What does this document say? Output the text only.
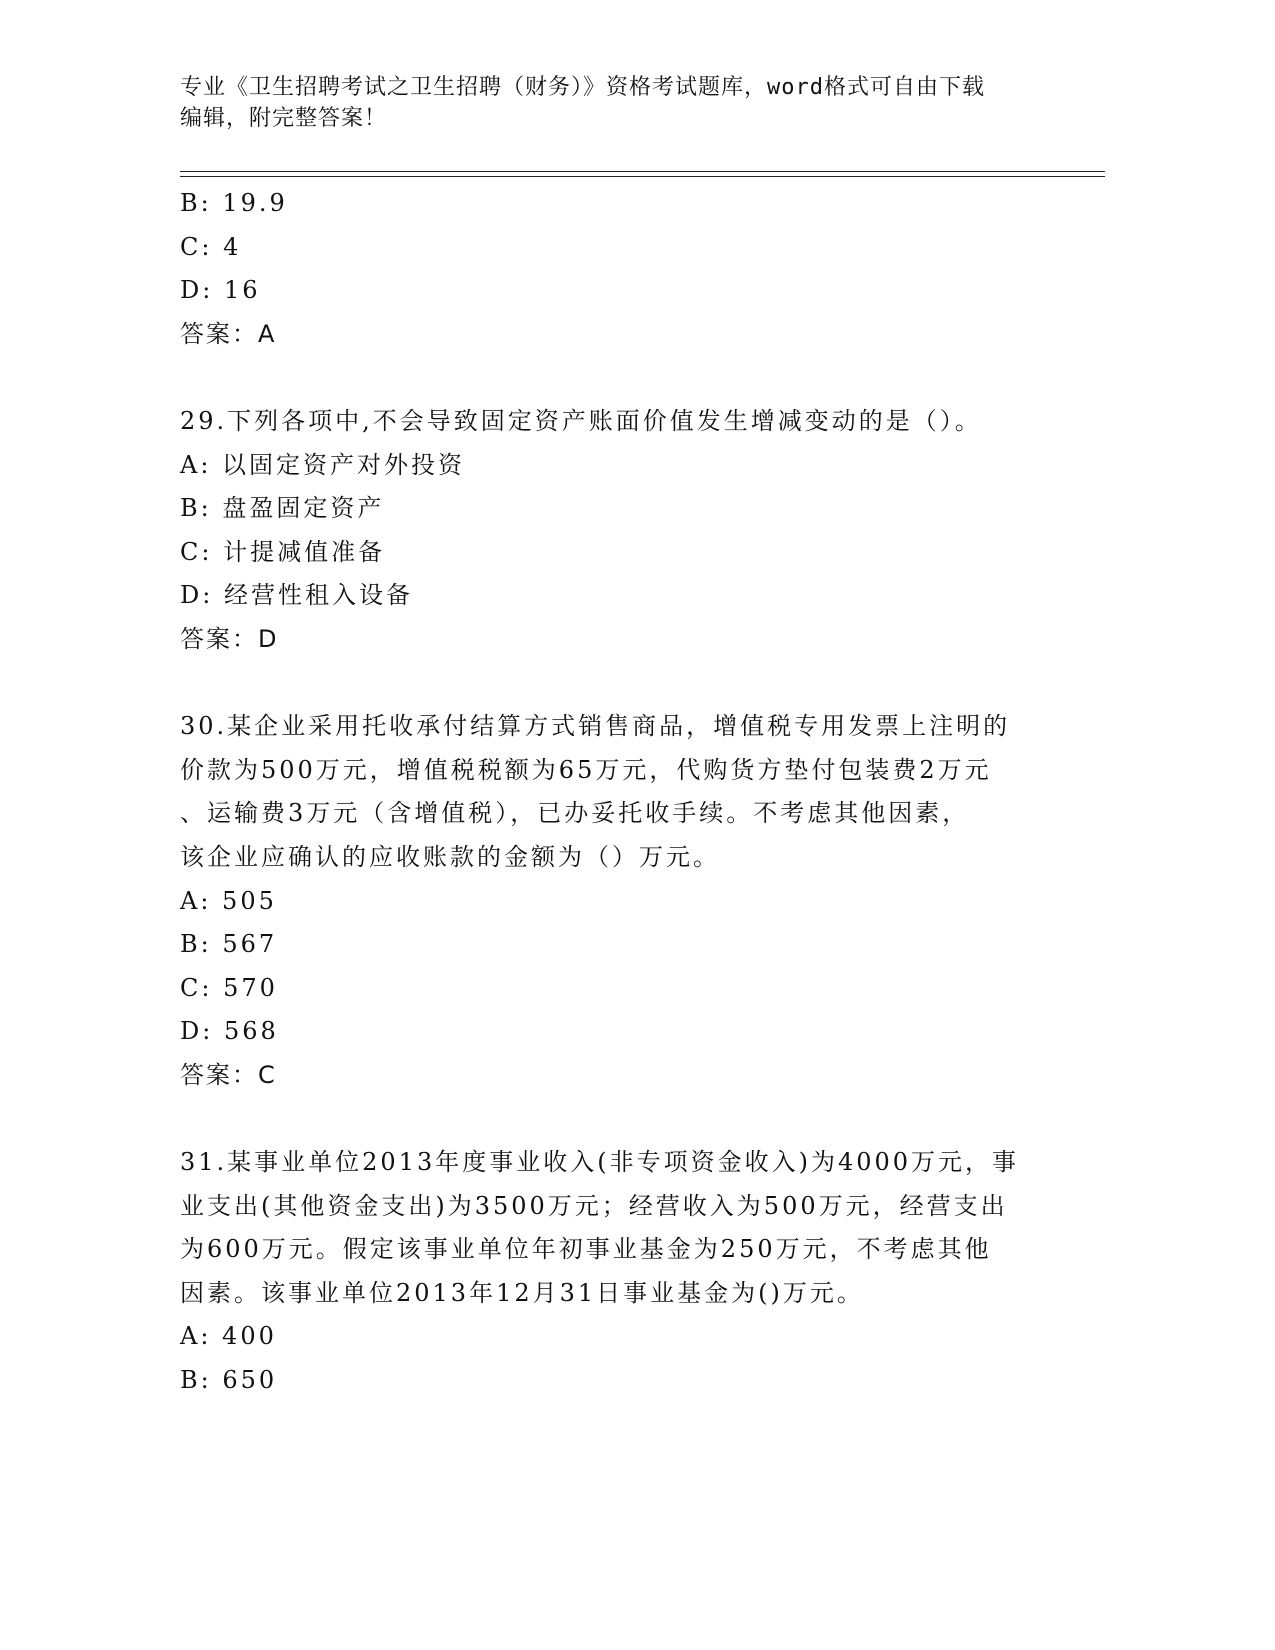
专业《卫生招聘考试之卫生招聘（财务）》资格考试题库，word格式可自由下载
编辑，附完整答案！
B: 19.9
C: 4
D: 16
答案：A
29.下列各项中,不会导致固定资产账面价值发生增减变动的是（）。
A: 以固定资产对外投资
B: 盘盈固定资产
C: 计提减值准备
D: 经营性租入设备
答案：D
30.某企业采用托收承付结算方式销售商品，增值税专用发票上注明的
价款为500万元，增值税税额为65万元，代购货方垫付包装费2万元
、运输费3万元（含增值税），已办妥托收手续。不考虑其他因素，
该企业应确认的应收账款的金额为（）万元。
A: 505
B: 567
C: 570
D: 568
答案：C
31.某事业单位2013年度事业收入(非专项资金收入)为4000万元，事
业支出(其他资金支出)为3500万元；经营收入为500万元，经营支出
为600万元。假定该事业单位年初事业基金为250万元，不考虑其他
因素。该事业单位2013年12月31日事业基金为()万元。
A: 400
B: 650
